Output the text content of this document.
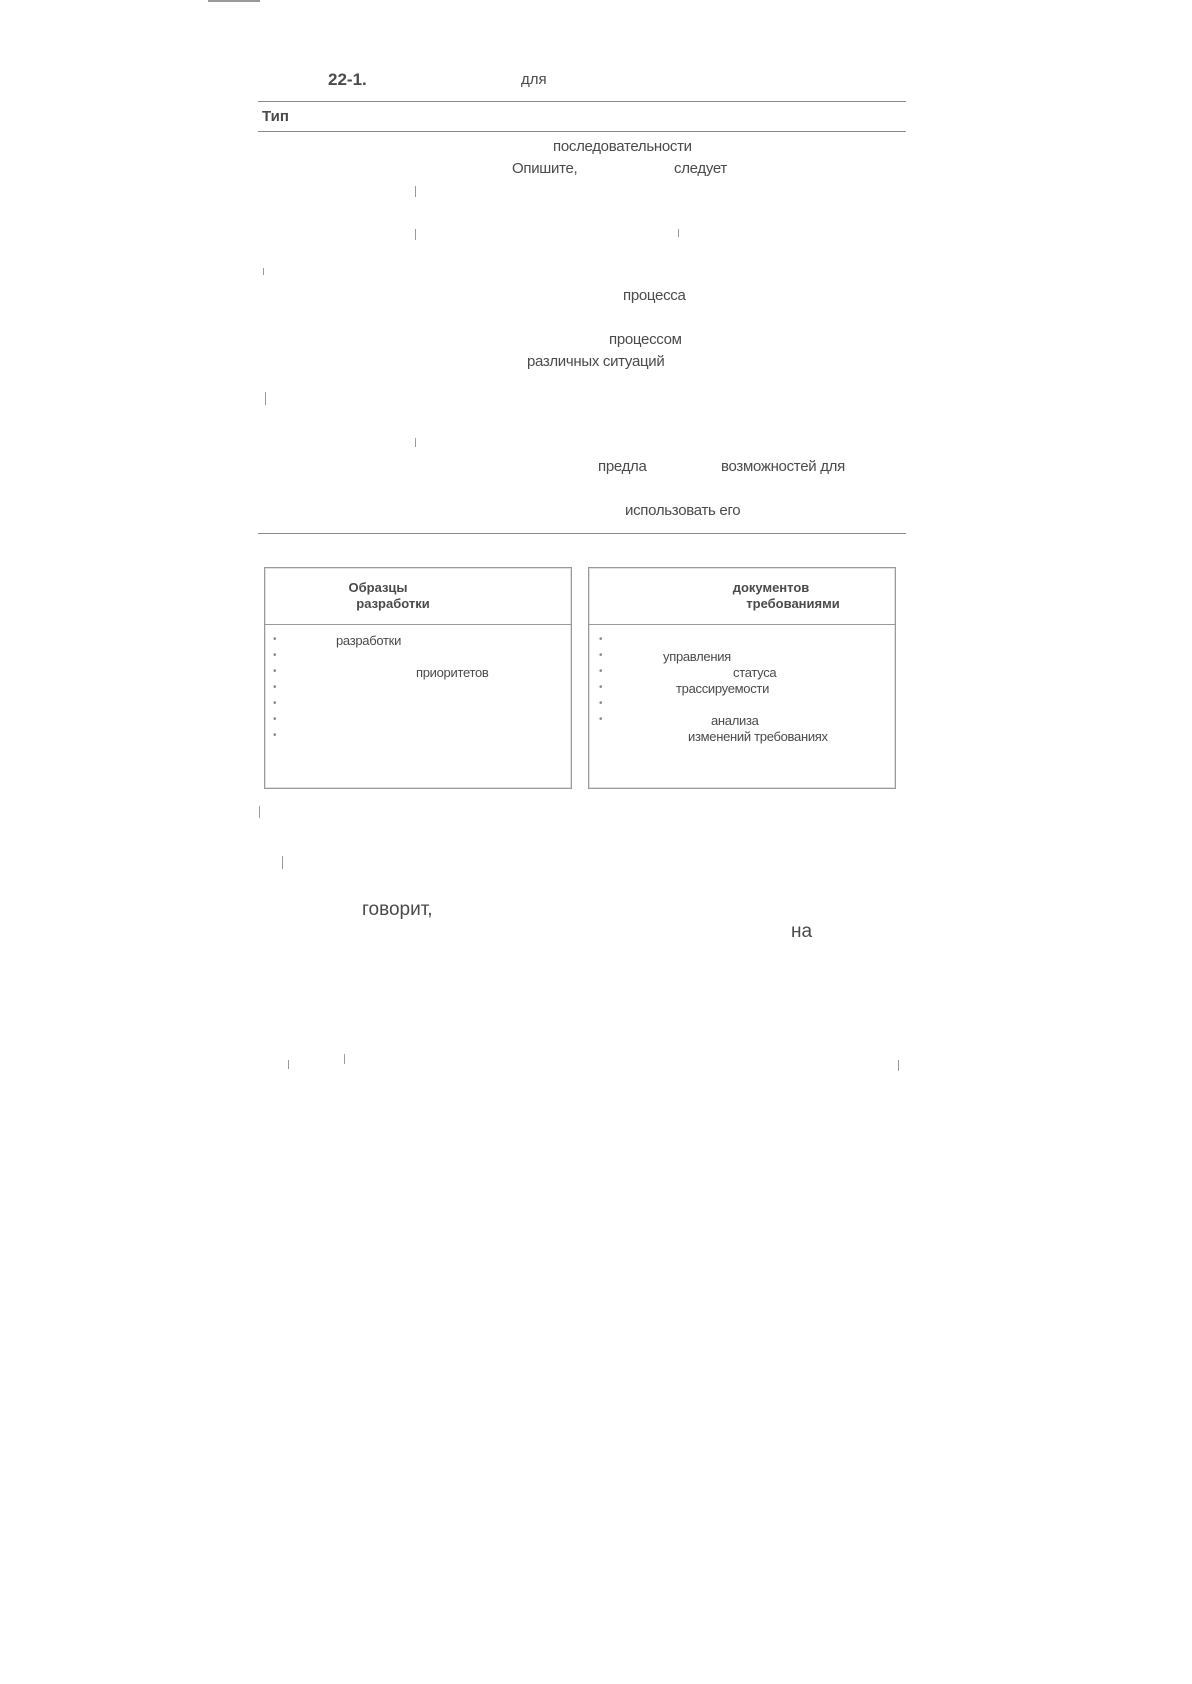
22-1.	для
Тип
последовательности
Опишите,	следует
процесса
процессом
различных ситуаций
предла	возможностей для
использовать его
Образцы
разработки
•
•
•
•
•
•
•
разработки
приоритетов
документов
требованиями
•
•
•
•
•
•
управления
статуса
трассируемости
анализа
изменений требованиях
говорит,
на
